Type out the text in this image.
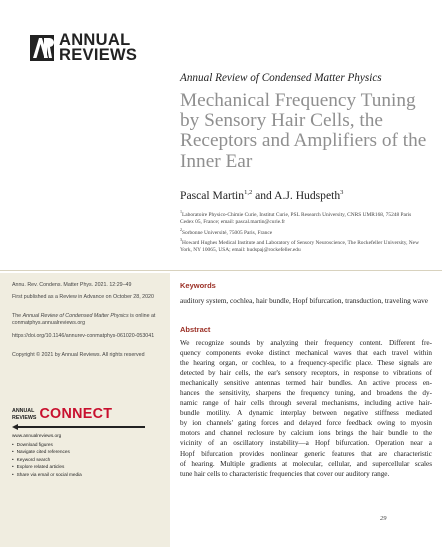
ANNUAL
REVIEWS
Annual Review of Condensed Matter Physics
Mechanical Frequency Tuning by Sensory Hair Cells, the Receptors and Amplifiers of the Inner Ear
Pascal Martin$^{1,2}$ and A.J. Hudspeth$^3$
$^1$Laboratoire Physico-Chimie Curie, Institut Curie, PSL Research University, CNRS UMR168, 75248 Paris Cedex 05, France; email: pascal.martin@curie.fr
$^2$Sorbonne Université, 75005 Paris, France
$^3$Howard Hughes Medical Institute and Laboratory of Sensory Neuroscience, The Rockefeller University, New York, NY 10065, USA; email: hudspaj@rockefeller.edu
Annu. Rev. Condens. Matter Phys. 2021. 12:29–49
First published as a Review in Advance on October 28, 2020
The Annual Review of Condensed Matter Physics is online at conmatphys.annualreviews.org
https://doi.org/10.1146/annurev-conmatphys-061020-053041
Copyright © 2021 by Annual Reviews. All rights reserved
ANNUAL
REVIEWS CONNECT
www.annualreviews.org
• Download figures
• Navigate cited references
• Keyword search
• Explore related articles
• Share via email or social media
Keywords
auditory system, cochlea, hair bundle, Hopf bifurcation, transduction, traveling wave
Abstract
We recognize sounds by analyzing their frequency content. Different fre-
quency components evoke distinct mechanical waves that each travel within
the hearing organ, or cochlea, to a frequency-specific place. These signals are
detected by hair cells, the ear's sensory receptors, in response to vibrations of
mechanically sensitive antennas termed hair bundles. An active process en-
hances the sensitivity, sharpens the frequency tuning, and broadens the dy-
namic range of hair cells through several mechanisms, including active hair-
bundle motility. A dynamic interplay between negative stiffness mediated
by ion channels' gating forces and delayed force feedback owing to myosin
motors and channel reclosure by calcium ions brings the hair bundle to the
vicinity of an oscillatory instability—a Hopf bifurcation. Operation near a
Hopf bifurcation provides nonlinear generic features that are characteristic
of hearing. Multiple gradients at molecular, cellular, and supercellular scales
tune hair cells to characteristic frequencies that cover our auditory range.
29
